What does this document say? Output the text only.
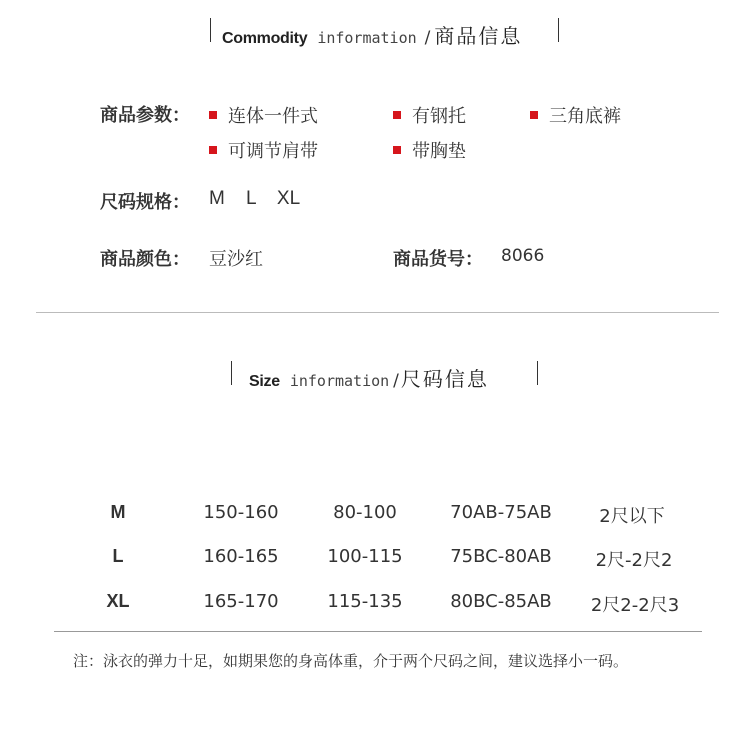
Commodity information / 商品信息
商品参数： 连体一件式	有钢托	三角底裤
可调节肩带	带胸垫
尺码规格： M    L    XL
商品颜色： 豆沙红	商品货号： 8066
Size information / 尺码信息
M	150-160	80-100	70AB-75AB	2尺以下
L	160-165	100-115	75BC-80AB 2尺-2尺2
XL	165-170	115-135	80BC-85AB 2尺2-2尺3
注：泳衣的弹力十足，如期果您的身高体重，介于两个尺码之间，建议选择小一码。
